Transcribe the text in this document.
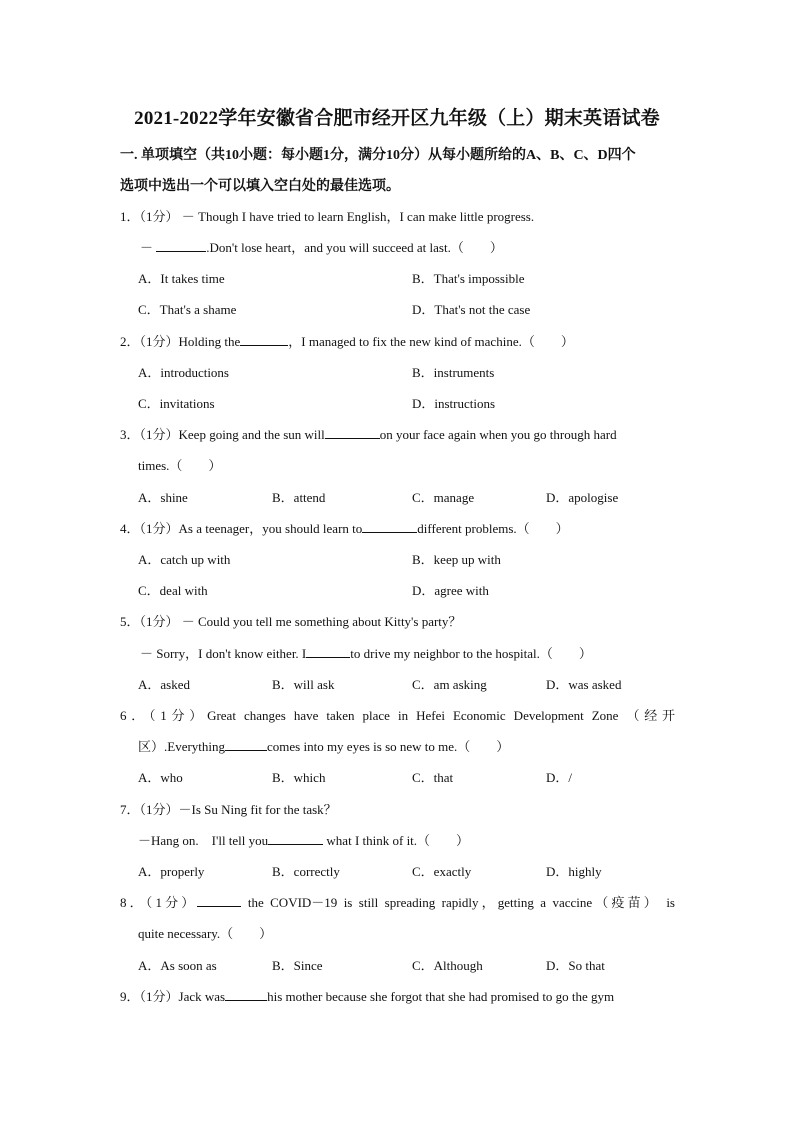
2021-2022学年安徽省合肥市经开区九年级（上）期末英语试卷
一. 单项填空（共10小题：每小题1分，满分10分）从每小题所给的A、B、C、D四个
选项中选出一个可以填入空白处的最佳选项。
1．（1分） － Though I have tried to learn English，I can make little progress.
－	.Don't lose heart，and you will succeed at last.（　　）
A．It takes time	B．That's impossible
C．That's a shame	D．That's not the case
2．（1分）Holding the	，I managed to fix the new kind of machine.（　　）
A．introductions	B．instruments
C．invitations	D．instructions
3．（1分）Keep going and the sun will	on your face again when you go through hard
times.（　　）
A．shine	B．attend	C．manage	D．apologise
4．（1分）As a teenager，you should learn to	different problems.（　　）
A．catch up with	B．keep up with
C．deal with	D．agree with
5．（1分） － Could you tell me something about Kitty's party？
－ Sorry，I don't know either. I	to drive my neighbor to the hospital.（　　）
A．asked	B．will ask	C．am asking	D．was asked
6．（1分）Great changes have taken place in Hefei Economic Development Zone （经开
区）.Everything	comes into my eyes is so new to me.（　　）
A．who	B．which	C．that	D．/
7．（1分）－Is Su Ning fit for the task？
－Hang on.　I'll tell you	what I think of it.（　　）
A．properly	B．correctly	C．exactly	D．highly
8．（1分）	the COVID－19 is still spreading rapidly，getting a vaccine（疫苗） is
quite necessary.（　　）
A．As soon as	B．Since	C．Although	D．So that
9．（1分）Jack was	his mother because she forgot that she had promised to go the gym
